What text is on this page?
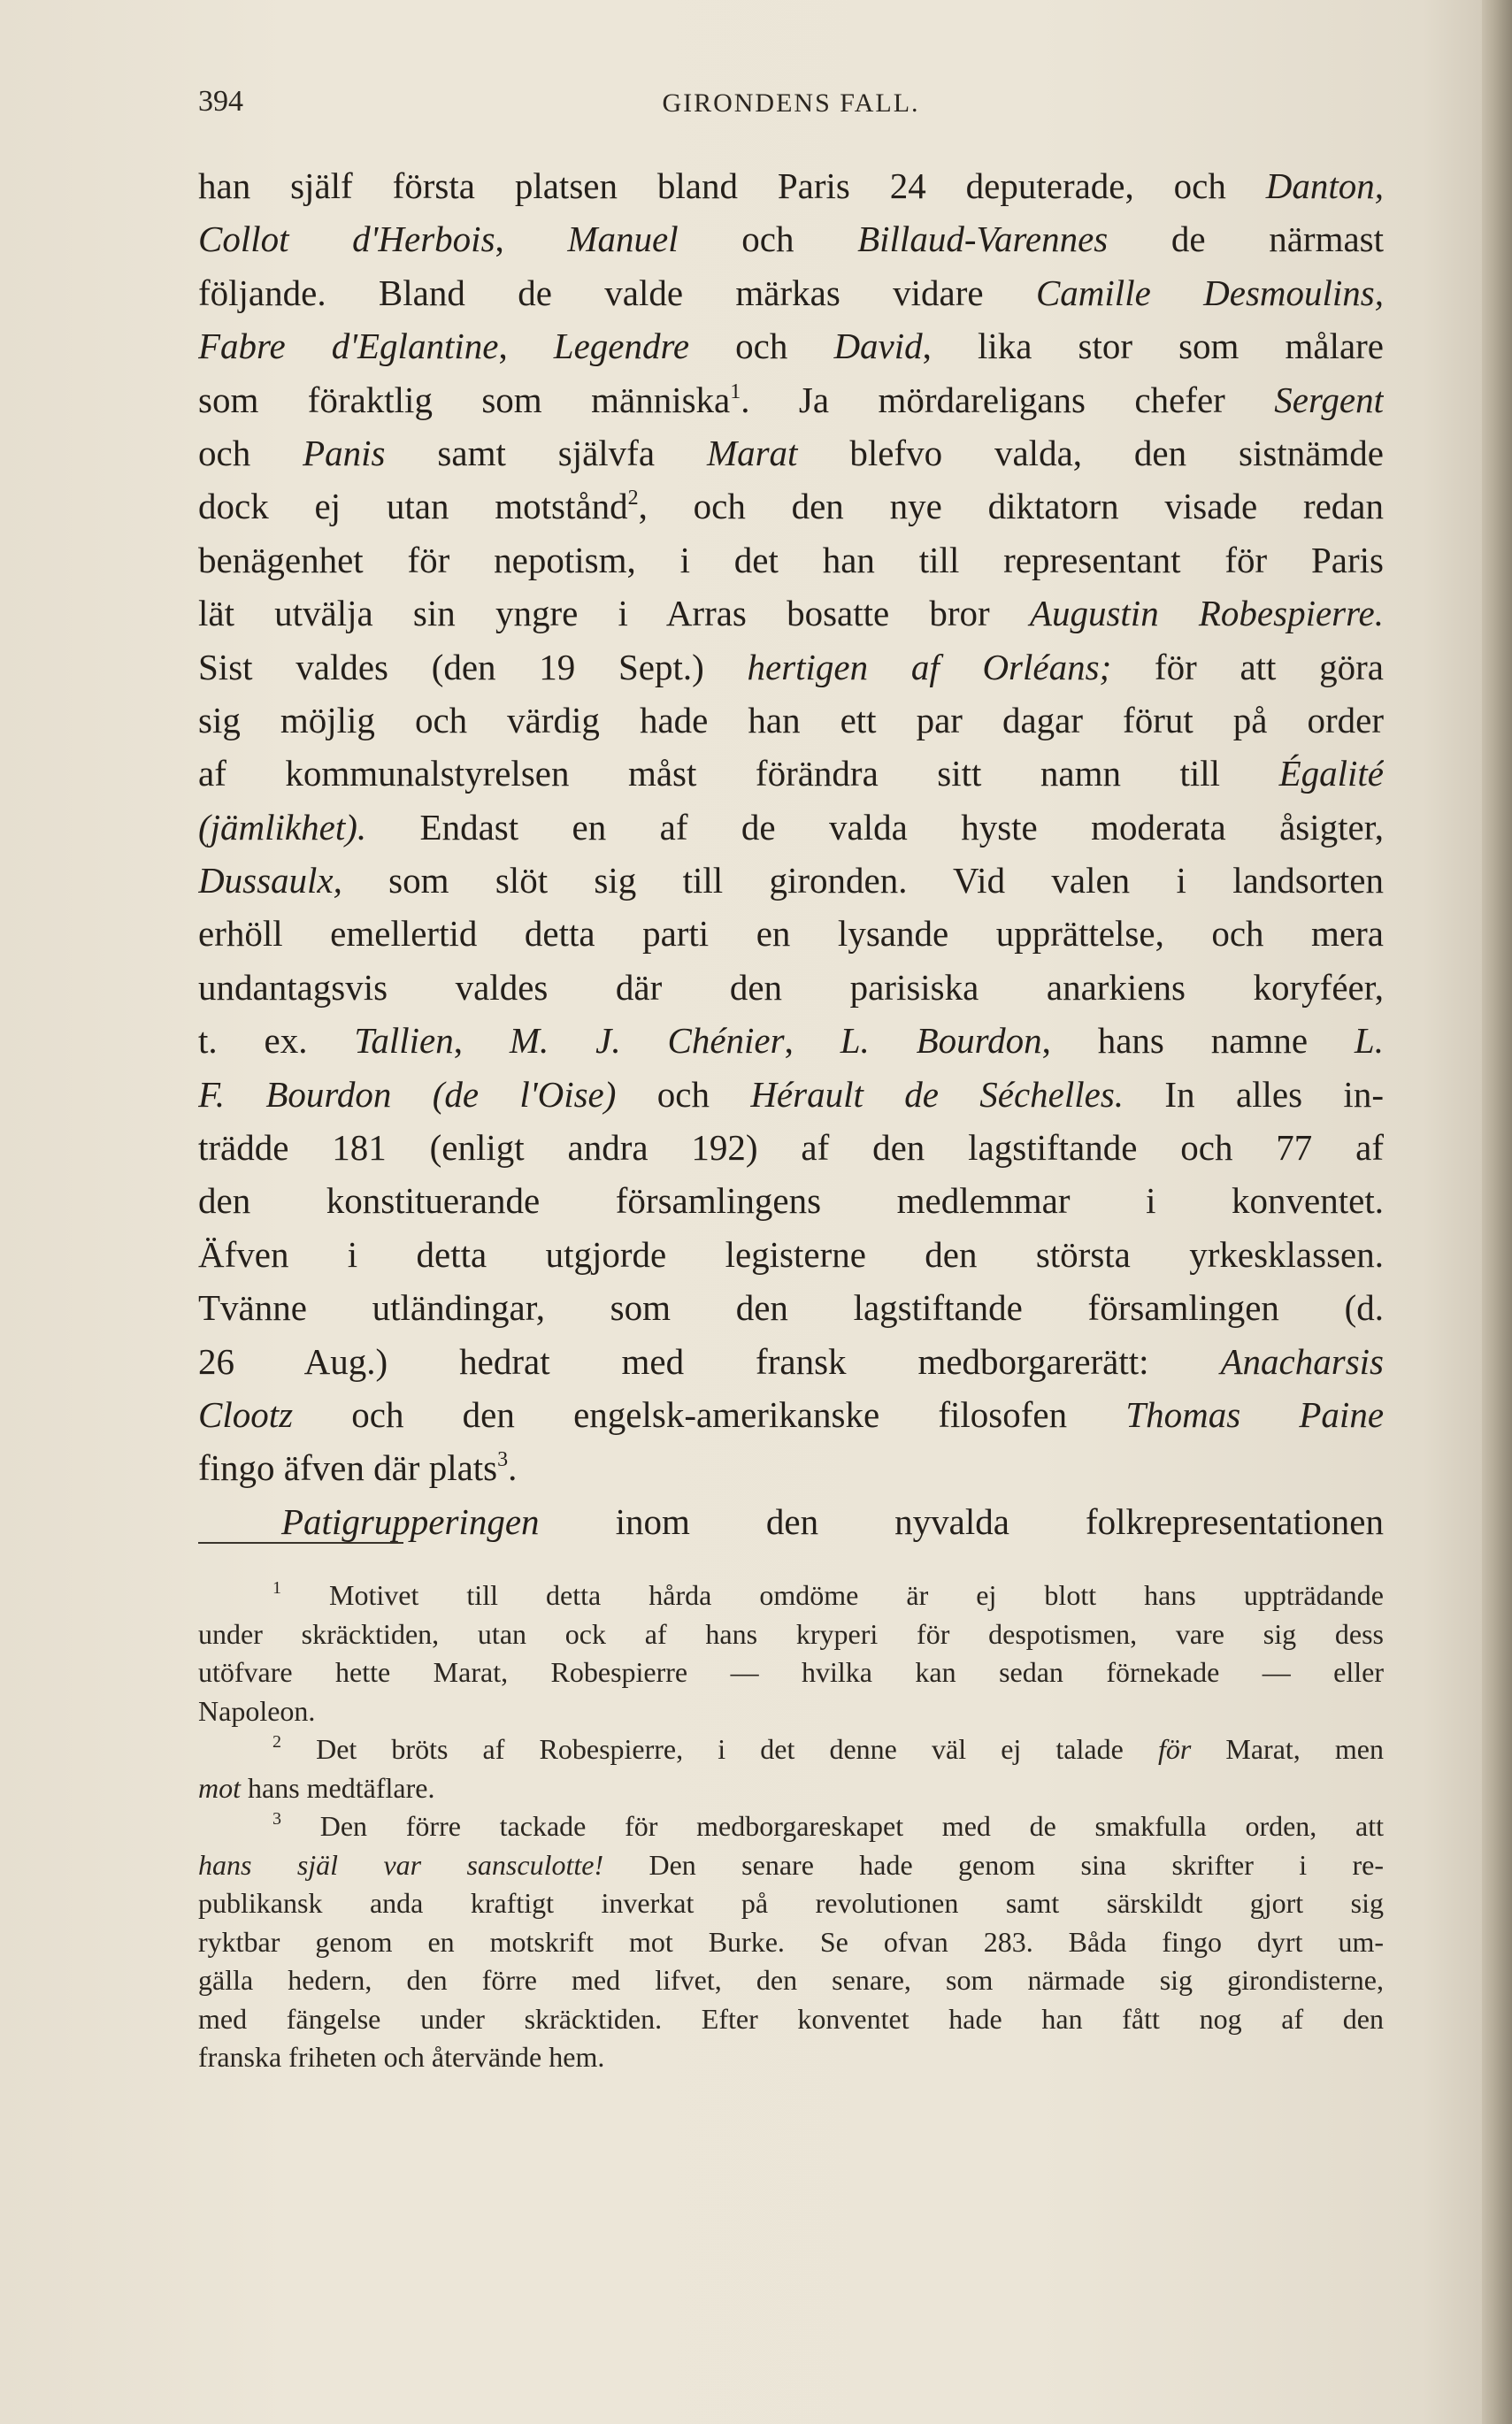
394	GIRONDENS FALL.
han själf första platsen bland Paris 24 deputerade, och Danton,
Collot d'Herbois, Manuel och Billaud-Varennes de närmast
följande. Bland de valde märkas vidare Camille Desmoulins,
Fabre d'Eglantine, Legendre och David, lika stor som målare
som föraktlig som människa$^1$. Ja mördareligans chefer Sergent
och Panis samt självfa Marat blefvo valda, den sistnämde
dock ej utan motstånd$^2$, och den nye diktatorn visade redan
benägenhet för nepotism, i det han till representant för Paris
lät utvälja sin yngre i Arras bosatte bror Augustin Robespierre.
Sist valdes (den 19 Sept.) hertigen af Orléans; för att göra
sig möjlig och värdig hade han ett par dagar förut på order
af kommunalstyrelsen måst förändra sitt namn till Égalité
(jämlikhet). Endast en af de valda hyste moderata åsigter,
Dussaulx, som slöt sig till gironden. Vid valen i landsorten
erhöll emellertid detta parti en lysande upprättelse, och mera
undantagsvis valdes där den parisiska anarkiens koryféer,
t. ex. Tallien, M. J. Chénier, L. Bourdon, hans namne L.
F. Bourdon (de l'Oise) och Hérault de Séchelles. In alles in-
trädde 181 (enligt andra 192) af den lagstiftande och 77 af
den konstituerande församlingens medlemmar i konventet.
Äfven i detta utgjorde legisterne den största yrkesklassen.
Tvänne utländingar, som den lagstiftande församlingen (d.
26 Aug.) hedrat med fransk medborgarerätt: Anacharsis
Clootz och den engelsk-amerikanske filosofen Thomas Paine
fingo äfven där plats$^3$.
Patigrupperingen inom den nyvalda folkrepresentationen
$^1$ Motivet till detta hårda omdöme är ej blott hans uppträdande
under skräcktiden, utan ock af hans kryperi för despotismen, vare sig dess
utöfvare hette Marat, Robespierre — hvilka kan sedan förnekade — eller
Napoleon.
$^2$ Det bröts af Robespierre, i det denne väl ej talade för Marat, men
mot hans medtäflare.
$^3$ Den förre tackade för medborgareskapet med de smakfulla orden, att
hans själ var sansculotte! Den senare hade genom sina skrifter i re-
publikansk anda kraftigt inverkat på revolutionen samt särskildt gjort sig
ryktbar genom en motskrift mot Burke. Se ofvan 283. Båda fingo dyrt um-
gälla hedern, den förre med lifvet, den senare, som närmade sig girondisterne,
med fängelse under skräcktiden. Efter konventet hade han fått nog af den
franska friheten och återvände hem.
